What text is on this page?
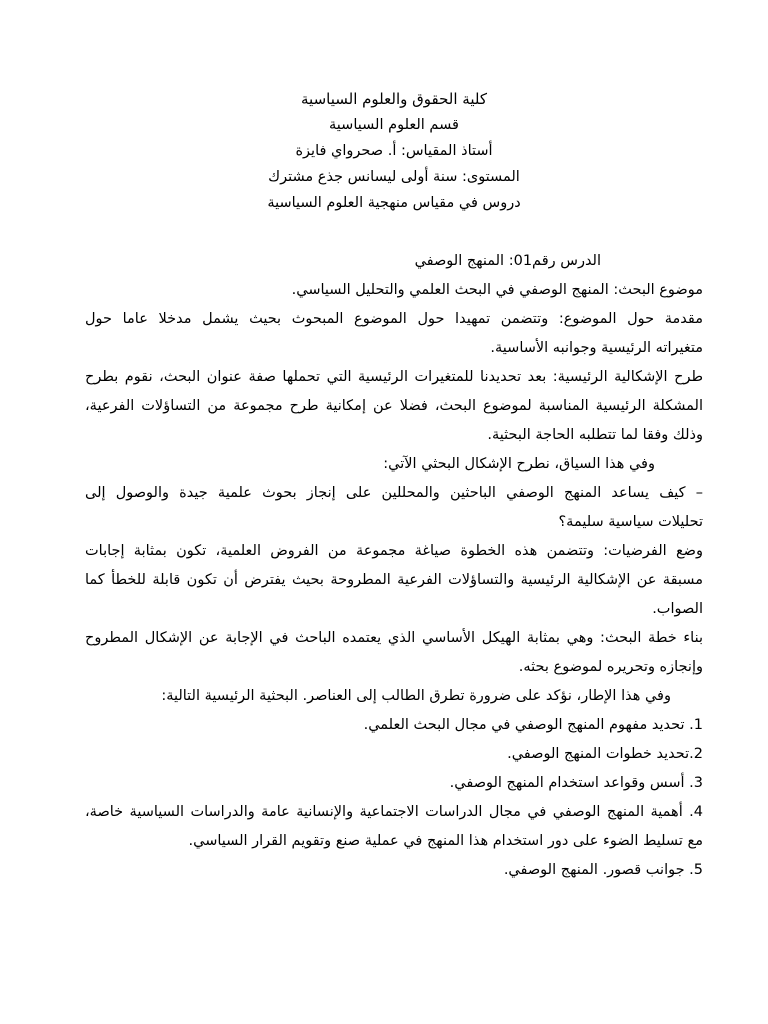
كلية الحقوق والعلوم السياسية
قسم العلوم السياسية
أستاذ المقياس: أ. صحرواي فايزة
المستوى: سنة أولى ليسانس جذع مشترك
دروس في مقياس منهجية العلوم السياسية
الدرس رقم01: المنهج الوصفي
موضوع البحث: المنهج الوصفي في البحث العلمي والتحليل السياسي.
مقدمة حول الموضوع: وتتضمن تمهيدا حول الموضوع المبحوث بحيث يشمل مدخلا عاما حول
متغيراته الرئيسية وجوانبه الأساسية.
طرح الإشكالية الرئيسية: بعد تحديدنا للمتغيرات الرئيسية التي تحملها صفة عنوان البحث، نقوم بطرح
المشكلة الرئيسية المناسبة لموضوع البحث، فضلا عن إمكانية طرح مجموعة من التساؤلات الفرعية،
وذلك وفقا لما تتطلبه الحاجة البحثية.
وفي هذا السياق، نطرح الإشكال البحثي الآتي:
– كيف يساعد المنهج الوصفي الباحثين والمحللين على إنجاز بحوث علمية جيدة والوصول إلى
تحليلات سياسية سليمة؟
وضع الفرضيات: وتتضمن هذه الخطوة صياغة مجموعة من الفروض العلمية، تكون بمثابة إجابات
مسبقة عن الإشكالية الرئيسية والتساؤلات الفرعية المطروحة بحيث يفترض أن تكون قابلة للخطأ كما
الصواب.
بناء خطة البحث: وهي بمثابة الهيكل الأساسي الذي يعتمده الباحث في الإجابة عن الإشكال المطروح
وإنجازه وتحريره لموضوع بحثه.
وفي هذا الإطار، نؤكد على ضرورة تطرق الطالب إلى العناصر. البحثية الرئيسية التالية:
1. تحديد مفهوم المنهج الوصفي في مجال البحث العلمي.
2.تحديد خطوات المنهج الوصفي.
3. أسس وقواعد استخدام المنهج الوصفي.
4. أهمية المنهج الوصفي في مجال الدراسات الاجتماعية والإنسانية عامة والدراسات السياسية خاصة،
مع تسليط الضوء على دور استخدام هذا المنهج في عملية صنع وتقويم القرار السياسي.
5. جوانب قصور. المنهج الوصفي.
